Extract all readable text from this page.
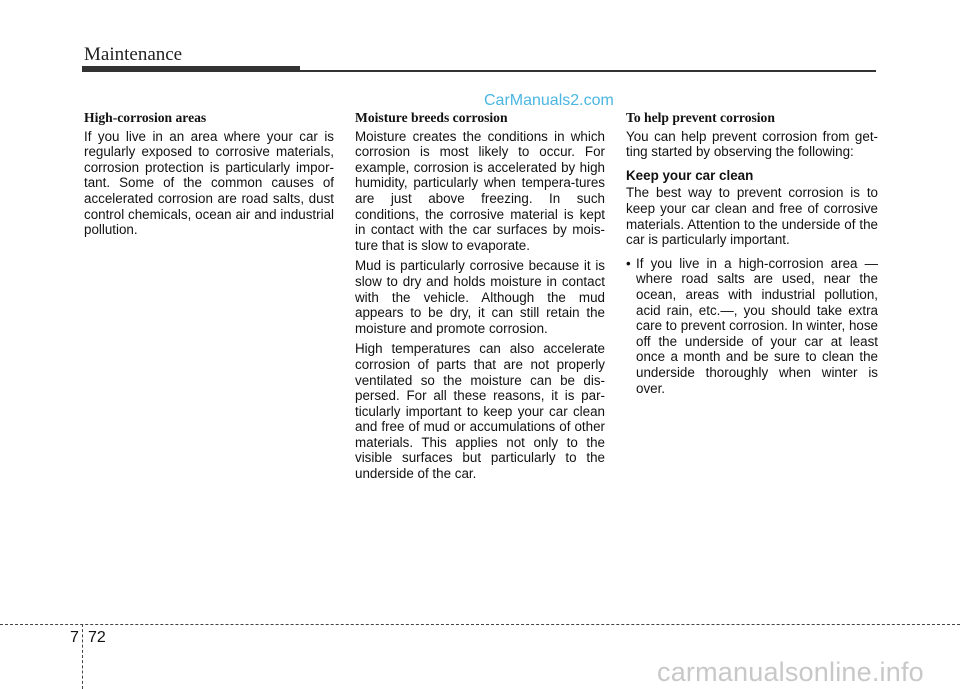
Maintenance
CarManuals2.com
High-corrosion areas

If you live in an area where your car is regularly exposed to corrosive materials, corrosion protection is particularly impor-tant. Some of the common causes of accelerated corrosion are road salts, dust control chemicals, ocean air and industrial pollution.

Moisture breeds corrosion

Moisture creates the conditions in which corrosion is most likely to occur. For example, corrosion is accelerated by high humidity, particularly when tempera-tures are just above freezing. In such conditions, the corrosive material is kept in contact with the car surfaces by mois-ture that is slow to evaporate.

Mud is particularly corrosive because it is slow to dry and holds moisture in contact with the vehicle. Although the mud appears to be dry, it can still retain the moisture and promote corrosion.

High temperatures can also accelerate corrosion of parts that are not properly ventilated so the moisture can be dis-persed. For all these reasons, it is par-ticularly important to keep your car clean and free of mud or accumulations of other materials. This applies not only to the visible surfaces but particularly to the underside of the car.

To help prevent corrosion

You can help prevent corrosion from get-ting started by observing the following:

Keep your car clean

The best way to prevent corrosion is to keep your car clean and free of corrosive materials. Attention to the underside of the car is particularly important.

• If you live in a high-corrosion area — where road salts are used, near the ocean, areas with industrial pollution, acid rain, etc.—, you should take extra care to prevent corrosion. In winter, hose off the underside of your car at least once a month and be sure to clean the underside thoroughly when winter is over.
7 72
carmanualsonline.info
